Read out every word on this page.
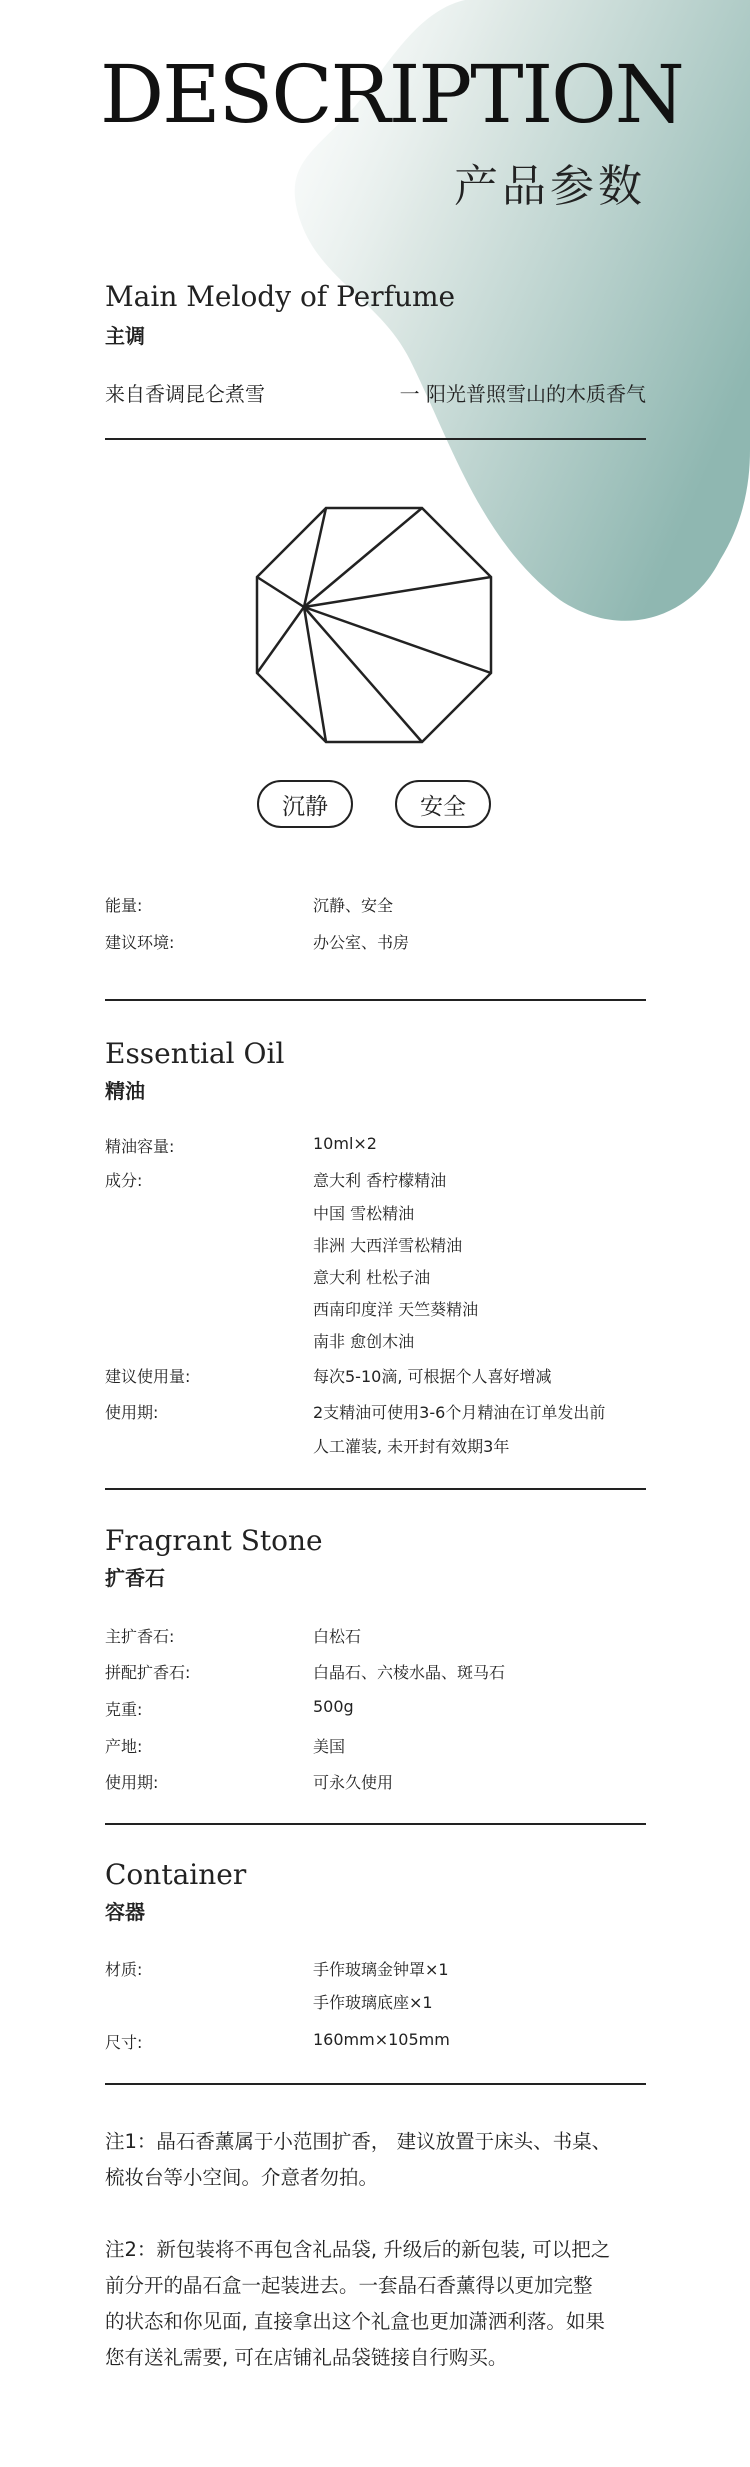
DESCRIPTION
产品参数
Main Melody of Perfume
主调
来自香调昆仑煮雪	一 阳光普照雪山的木质香气
沉静	安全
能量:	沉静、安全
建议环境:	办公室、书房
Essential Oil
精油
精油容量:	10ml×2
成分:	意大利 香柠檬精油
中国 雪松精油
非洲 大西洋雪松精油
意大利 杜松子油
西南印度洋 天竺葵精油
南非 愈创木油
建议使用量:	每次5-10滴, 可根据个人喜好增减
使用期:	2支精油可使用3-6个月精油在订单发出前
人工灌装, 未开封有效期3年
Fragrant Stone
扩香石
主扩香石:	白松石
拼配扩香石:	白晶石、六棱水晶、斑马石
克重:	500g
产地:	美国
使用期:	可永久使用
Container
容器
材质:	手作玻璃金钟罩×1
手作玻璃底座×1
尺寸:	160mm×105mm
注1：晶石香薰属于小范围扩香， 建议放置于床头、书桌、
梳妆台等小空间。介意者勿拍。
注2：新包装将不再包含礼品袋, 升级后的新包装, 可以把之
前分开的晶石盒一起装进去。一套晶石香薰得以更加完整
的状态和你见面, 直接拿出这个礼盒也更加潇洒利落。如果
您有送礼需要, 可在店铺礼品袋链接自行购买。
